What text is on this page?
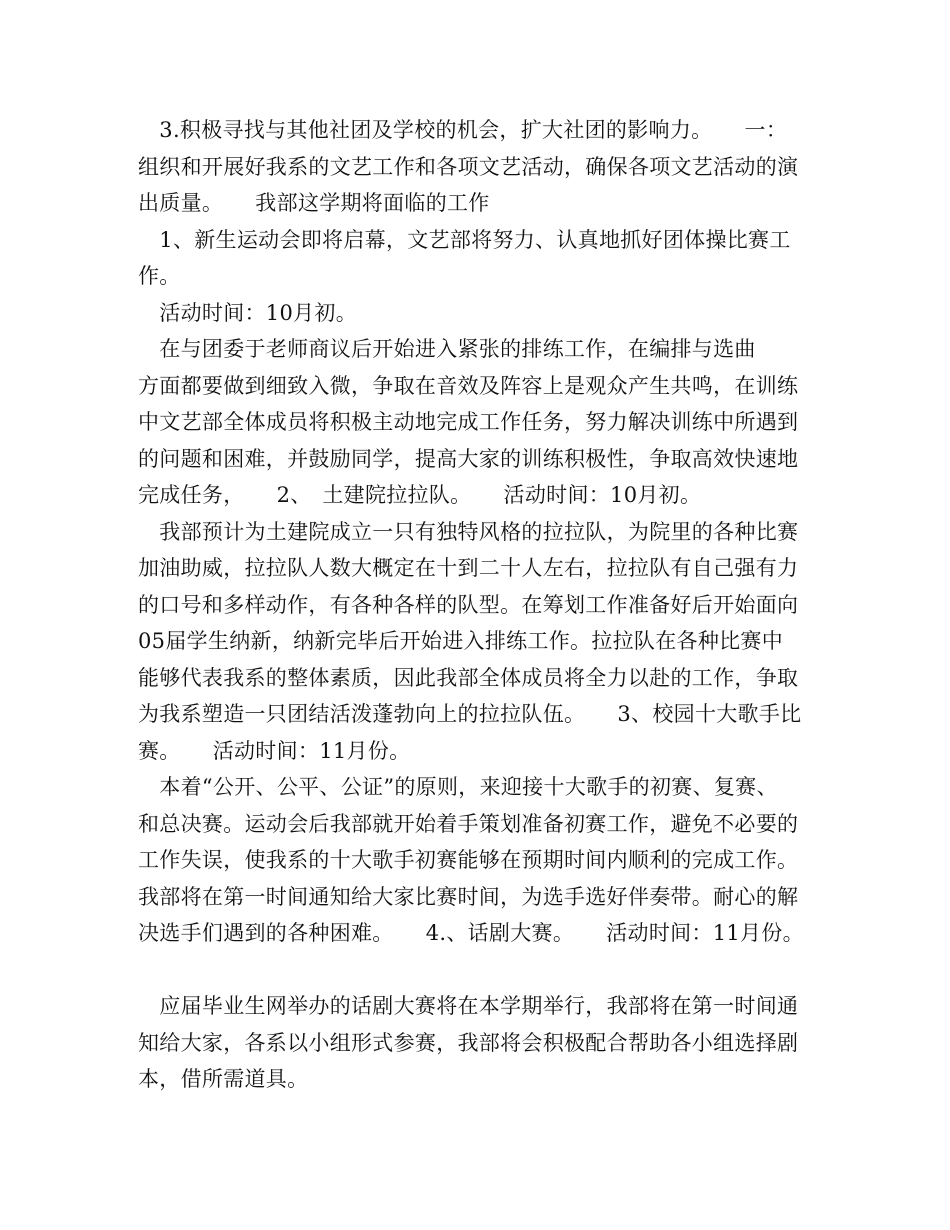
　3.积极寻找与其他社团及学校的机会，扩大社团的影响力。　　一：
组织和开展好我系的文艺工作和各项文艺活动，确保各项文艺活动的演
出质量。　　我部这学期将面临的工作
　1、新生运动会即将启幕，文艺部将努力、认真地抓好团体操比赛工
作。
　活动时间：10月初。
　在与团委于老师商议后开始进入紧张的排练工作，在编排与选曲
方面都要做到细致入微，争取在音效及阵容上是观众产生共鸣，在训练
中文艺部全体成员将积极主动地完成工作任务，努力解决训练中所遇到
的问题和困难，并鼓励同学，提高大家的训练积极性，争取高效快速地
完成任务，　　2、　土建院拉拉队。　　活动时间：10月初。
　我部预计为土建院成立一只有独特风格的拉拉队，为院里的各种比赛
加油助威，拉拉队人数大概定在十到二十人左右，拉拉队有自己强有力
的口号和多样动作，有各种各样的队型。在筹划工作准备好后开始面向
05届学生纳新，纳新完毕后开始进入排练工作。拉拉队在各种比赛中
能够代表我系的整体素质，因此我部全体成员将全力以赴的工作，争取
为我系塑造一只团结活泼蓬勃向上的拉拉队伍。　　3、校园十大歌手比
赛。　　活动时间：11月份。
　本着“公开、公平、公证”的原则，来迎接十大歌手的初赛、复赛、
和总决赛。运动会后我部就开始着手策划准备初赛工作，避免不必要的
工作失误，使我系的十大歌手初赛能够在预期时间内顺利的完成工作。
我部将在第一时间通知给大家比赛时间，为选手选好伴奏带。耐心的解
决选手们遇到的各种困难。　　4.、话剧大赛。　　活动时间：11月份。
　应届毕业生网举办的话剧大赛将在本学期举行，我部将在第一时间通
知给大家，各系以小组形式参赛，我部将会积极配合帮助各小组选择剧
本，借所需道具。
